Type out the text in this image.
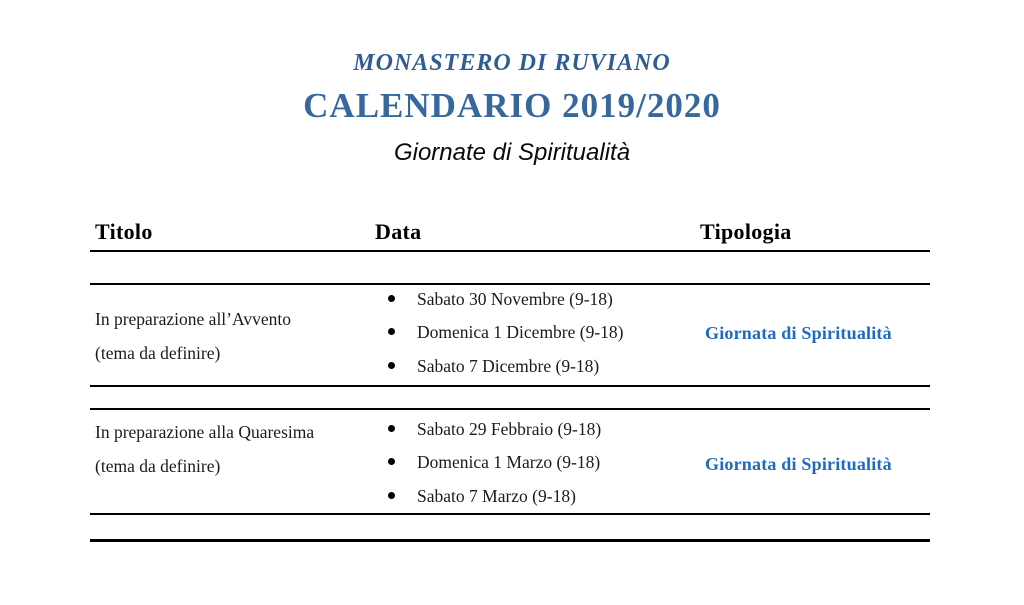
MONASTERO DI RUVIANO
CALENDARIO 2019/2020
Giornate di Spiritualità
Titolo	Data	Tipologia
In preparazione all’Avvento
(tema da definire)
Sabato 30 Novembre (9-18)
Domenica 1 Dicembre (9-18)
Sabato 7 Dicembre (9-18)
Giornata di Spiritualità
In preparazione alla Quaresima
(tema da definire)
Sabato 29 Febbraio (9-18)
Domenica 1 Marzo (9-18)
Sabato 7 Marzo (9-18)
Giornata di Spiritualità
